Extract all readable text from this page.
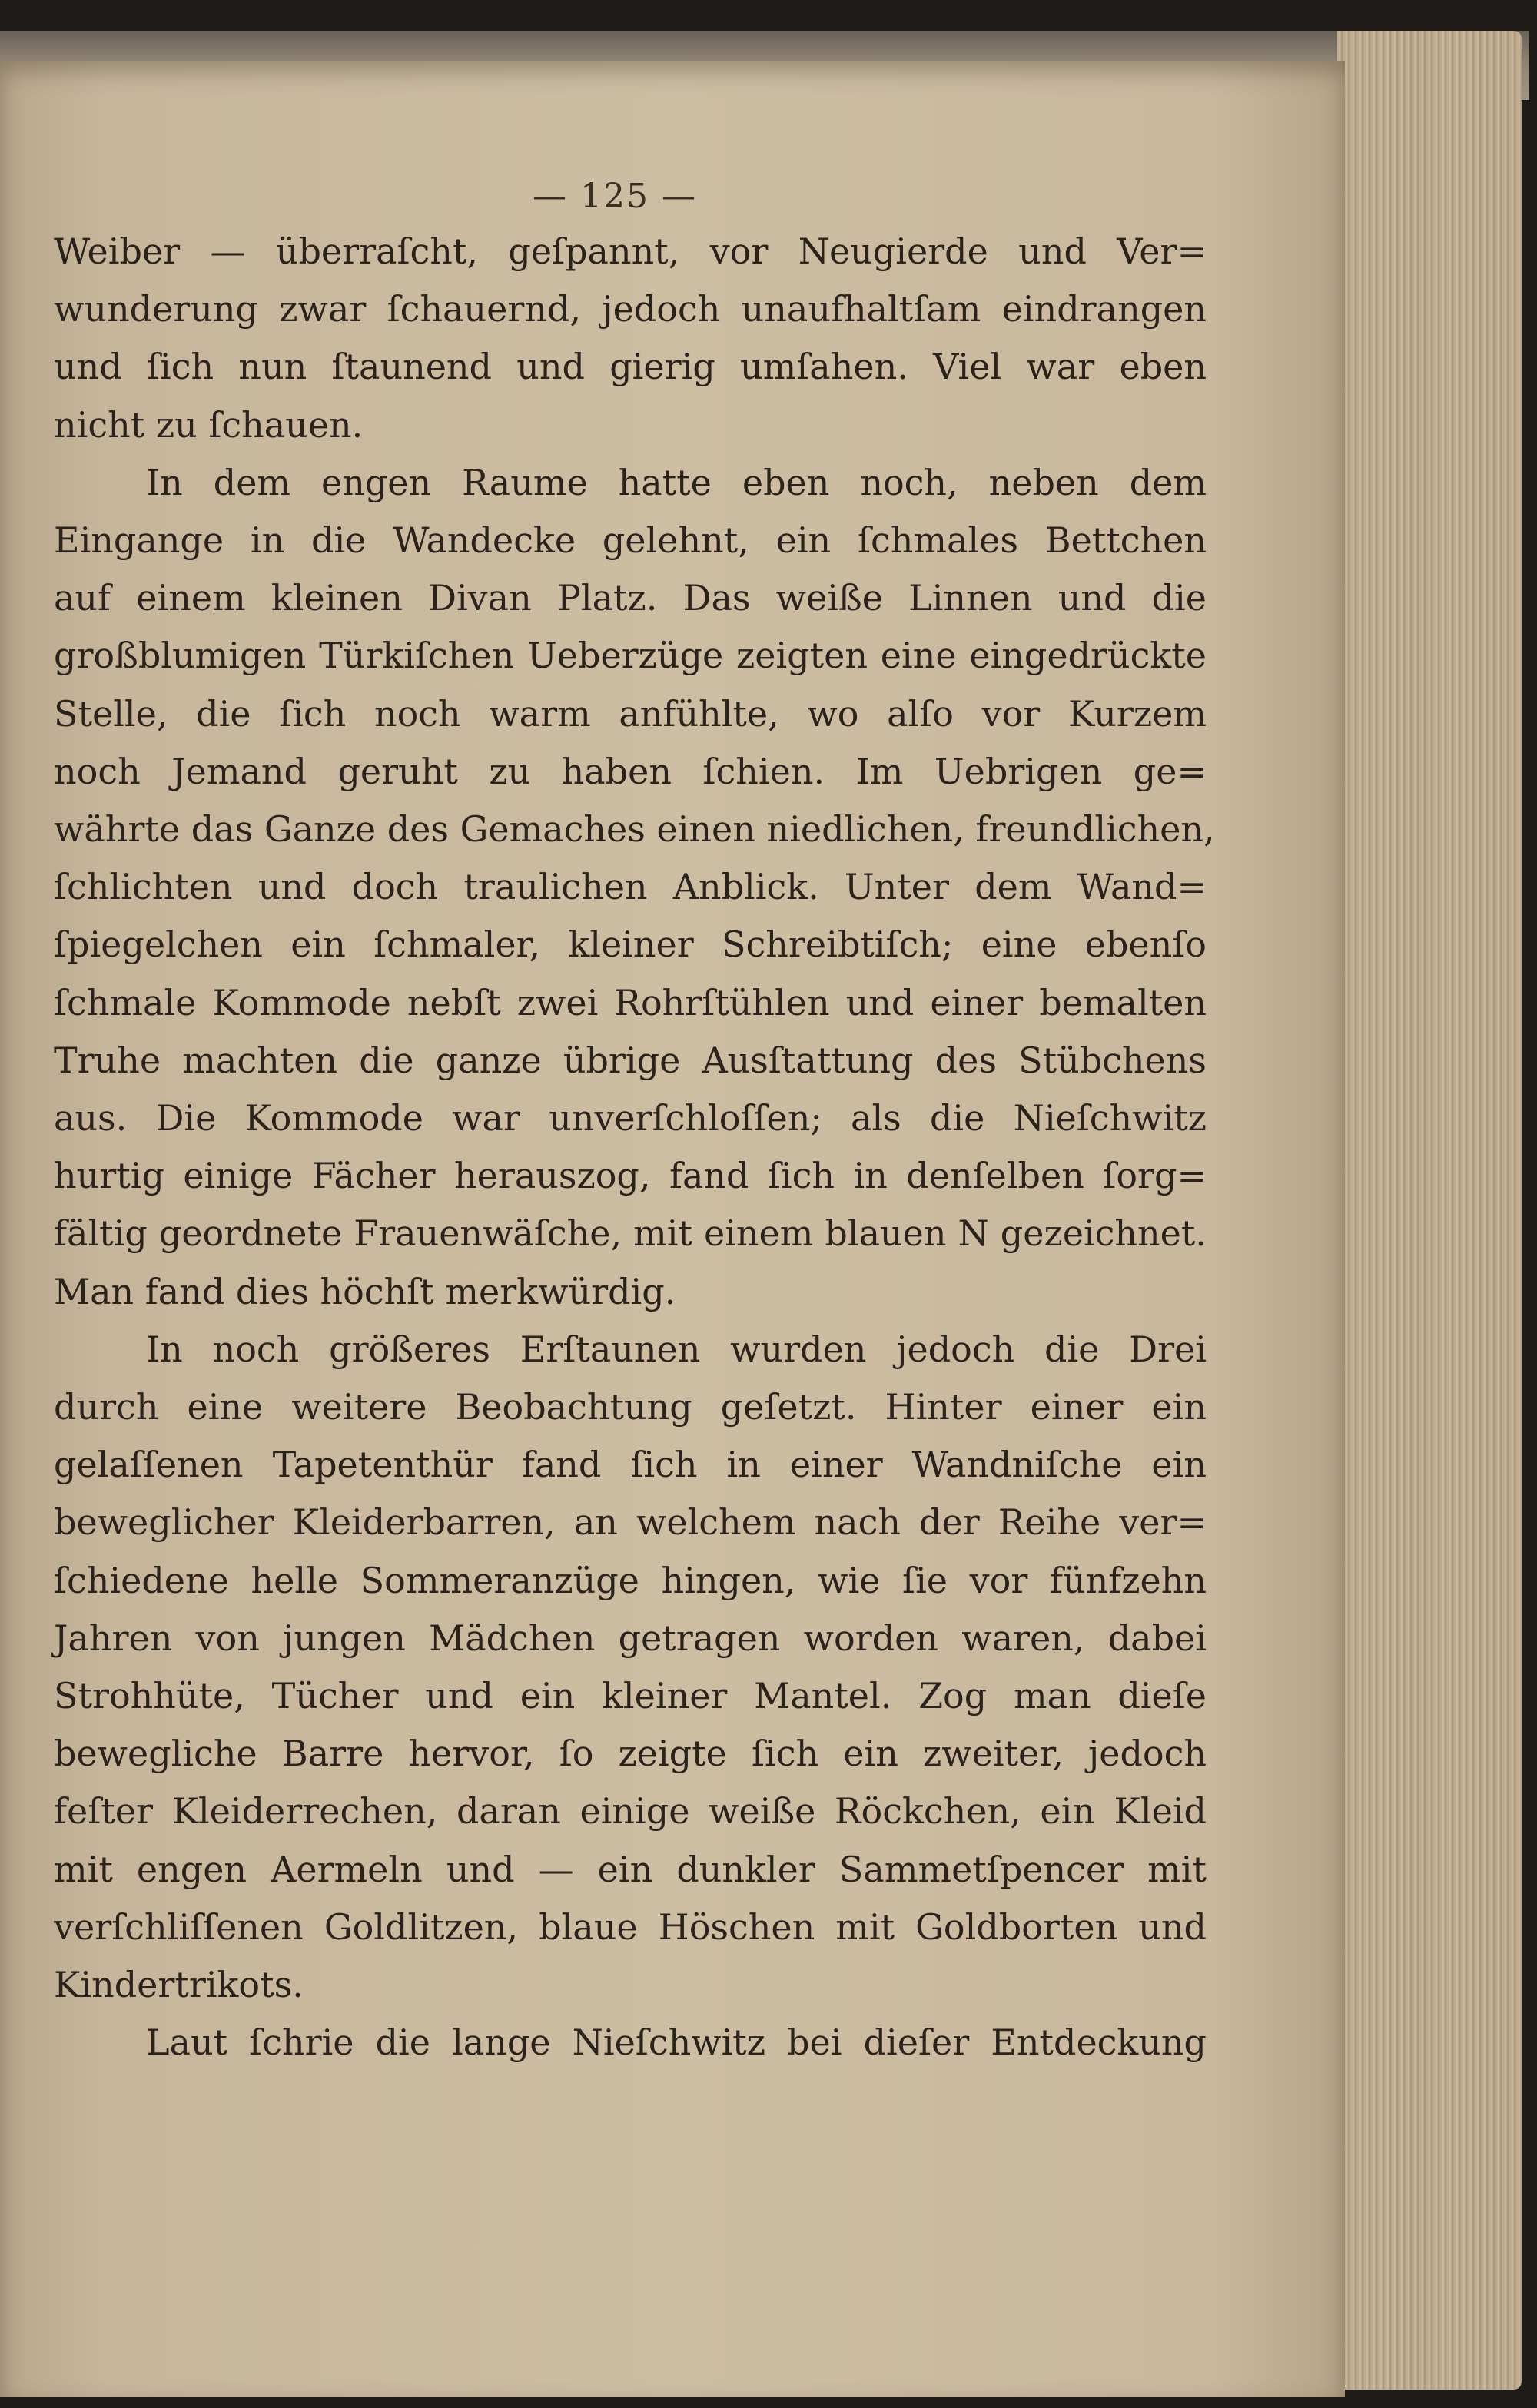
— 125 —
Weiber — überraſcht, geſpannt, vor Neugierde und Ver=
wunderung zwar ſchauernd, jedoch unaufhaltſam eindrangen
und ſich nun ſtaunend und gierig umſahen. Viel war eben
nicht zu ſchauen.
In dem engen Raume hatte eben noch, neben dem
Eingange in die Wandecke gelehnt, ein ſchmales Bettchen
auf einem kleinen Divan Platz. Das weiße Linnen und die
großblumigen Türkiſchen Ueberzüge zeigten eine eingedrückte
Stelle, die ſich noch warm anfühlte, wo alſo vor Kurzem
noch Jemand geruht zu haben ſchien. Im Uebrigen ge=
währte das Ganze des Gemaches einen niedlichen, freundlichen,
ſchlichten und doch traulichen Anblick. Unter dem Wand=
ſpiegelchen ein ſchmaler, kleiner Schreibtiſch; eine ebenſo
ſchmale Kommode nebſt zwei Rohrſtühlen und einer bemalten
Truhe machten die ganze übrige Ausſtattung des Stübchens
aus. Die Kommode war unverſchloſſen; als die Nieſchwitz
hurtig einige Fächer herauszog, fand ſich in denſelben ſorg=
fältig geordnete Frauenwäſche, mit einem blauen N gezeichnet.
Man fand dies höchſt merkwürdig.
In noch größeres Erſtaunen wurden jedoch die Drei
durch eine weitere Beobachtung geſetzt. Hinter einer ein
gelaſſenen Tapetenthür fand ſich in einer Wandniſche ein
beweglicher Kleiderbarren, an welchem nach der Reihe ver=
ſchiedene helle Sommeranzüge hingen, wie ſie vor fünfzehn
Jahren von jungen Mädchen getragen worden waren, dabei
Strohhüte, Tücher und ein kleiner Mantel. Zog man dieſe
bewegliche Barre hervor, ſo zeigte ſich ein zweiter, jedoch
feſter Kleiderrechen, daran einige weiße Röckchen, ein Kleid
mit engen Aermeln und — ein dunkler Sammetſpencer mit
verſchliſſenen Goldlitzen, blaue Höschen mit Goldborten und
Kindertrikots.
Laut ſchrie die lange Nieſchwitz bei dieſer Entdeckung
